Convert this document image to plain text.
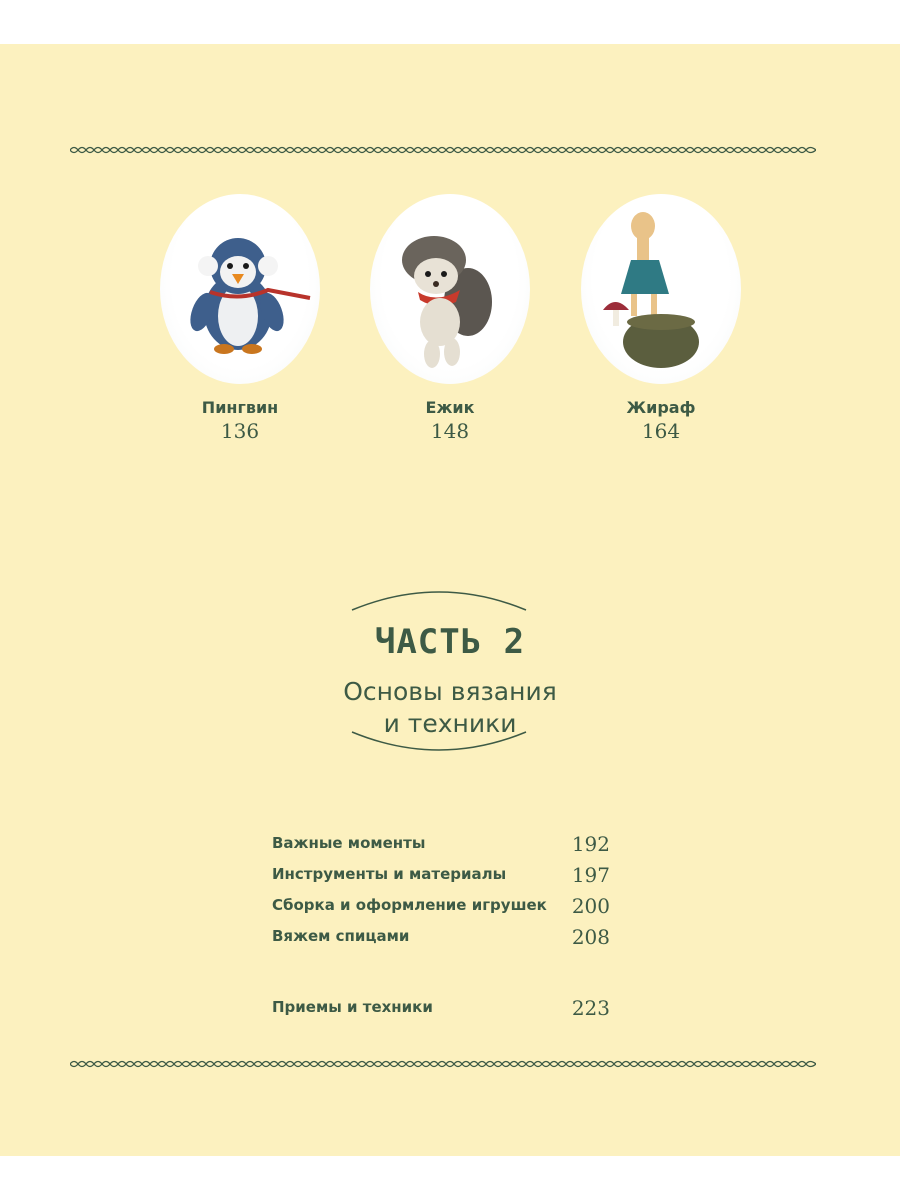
Пингвин
136
Ежик
148
Жираф
164
ЧАСТЬ 2
Основы вязания
и техники
Важные моменты	192
Инструменты и материалы	197
Сборка и оформление игрушек 200
Вяжем спицами	208
Приемы и техники	223
